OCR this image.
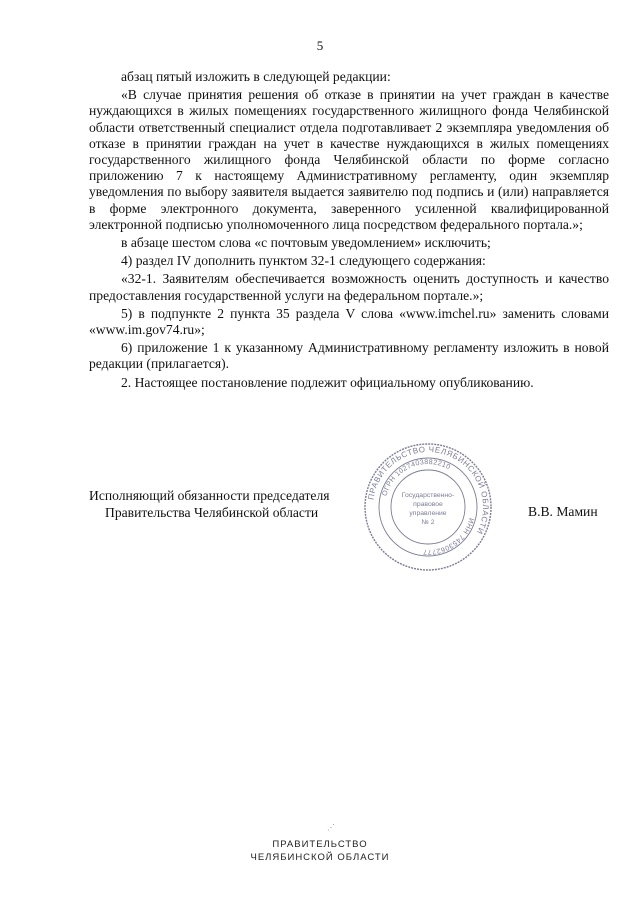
5

абзац пятый изложить в следующей редакции:

«В случае принятия решения об отказе в принятии на учет граждан в качестве нуждающихся в жилых помещениях государственного жилищного фонда Челябинской области ответственный специалист отдела подготавливает 2 экземпляра уведомления об отказе в принятии граждан на учет в качестве нуждающихся в жилых помещениях государственного жилищного фонда Челябинской области по форме согласно приложению 7 к настоящему Административному регламенту, один экземпляр уведомления по выбору заявителя выдается заявителю под подпись и (или) направляется в форме электронного документа, заверенного усиленной квалифицированной электронной подписью уполномоченного лица посредством федерального портала.»;

в абзаце шестом слова «с почтовым уведомлением» исключить;

4) раздел IV дополнить пунктом 32-1 следующего содержания:

«32-1. Заявителям обеспечивается возможность оценить доступность и качество предоставления государственной услуги на федеральном портале.»;

5) в подпункте 2 пункта 35 раздела V слова «www.imchel.ru» заменить словами «www.im.gov74.ru»;

6) приложение 1 к указанному Административному регламенту изложить в новой редакции (прилагается).

2. Настоящее постановление подлежит официальному опубликованию.

Исполняющий обязанности председателя
Правительства Челябинской области
ПРАВИТЕЛЬСТВО ЧЕЛЯБИНСКОЙ ОБЛАСТИ
ОГРН 1027403882210
ИНН 7453062777
Государственно-
правовое
управление
№ 2
В.В. Мамин
⋰
ПРАВИТЕЛЬСТВО
ЧЕЛЯБИНСКОЙ ОБЛАСТИ
